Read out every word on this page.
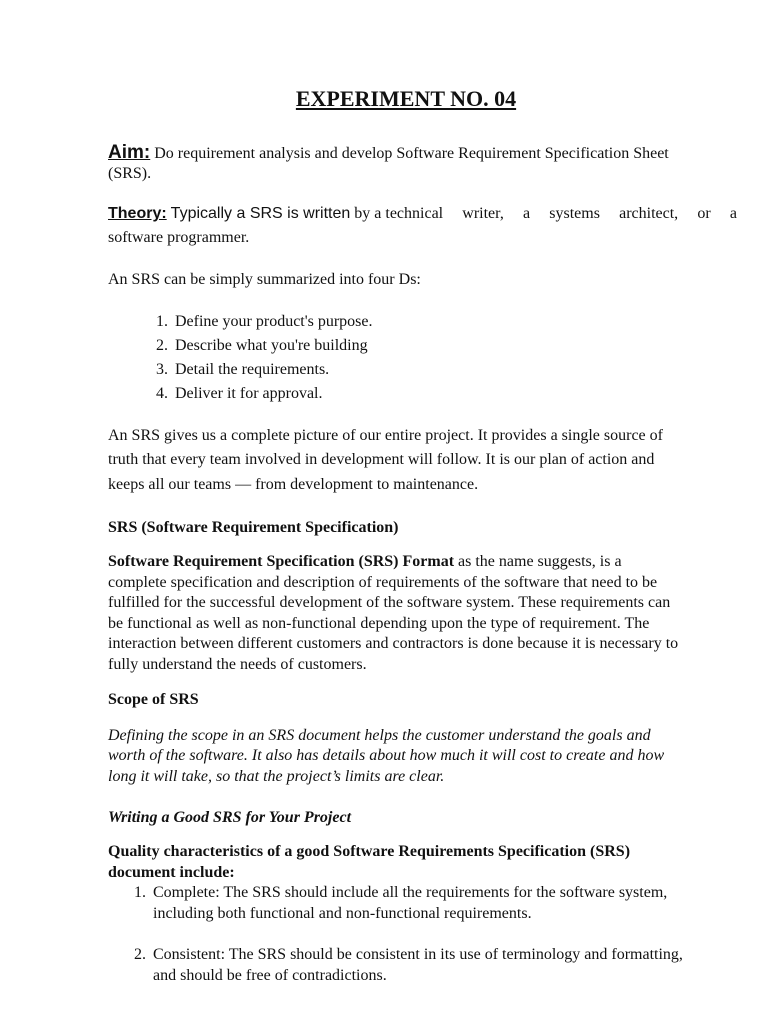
EXPERIMENT NO. 04
Aim: Do requirement analysis and develop Software Requirement Specification Sheet
(SRS).
Theory: Typically a SRS is written by a technical writer, a systems architect, or a
software programmer.
An SRS can be simply summarized into four Ds:
1. Define your product's purpose.
2. Describe what you're building
3. Detail the requirements.
4. Deliver it for approval.
An SRS gives us a complete picture of our entire project. It provides a single source of
truth that every team involved in development will follow. It is our plan of action and
keeps all our teams — from development to maintenance.
SRS (Software Requirement Specification)
Software Requirement Specification (SRS) Format as the name suggests, is a
complete specification and description of requirements of the software that need to be
fulfilled for the successful development of the software system. These requirements can
be functional as well as non-functional depending upon the type of requirement. The
interaction between different customers and contractors is done because it is necessary to
fully understand the needs of customers.
Scope of SRS
Defining the scope in an SRS document helps the customer understand the goals and
worth of the software. It also has details about how much it will cost to create and how
long it will take, so that the project’s limits are clear.
Writing a Good SRS for Your Project
Quality characteristics of a good Software Requirements Specification (SRS)
document include:
1. Complete: The SRS should include all the requirements for the software system,
including both functional and non-functional requirements.
2. Consistent: The SRS should be consistent in its use of terminology and formatting,
and should be free of contradictions.
